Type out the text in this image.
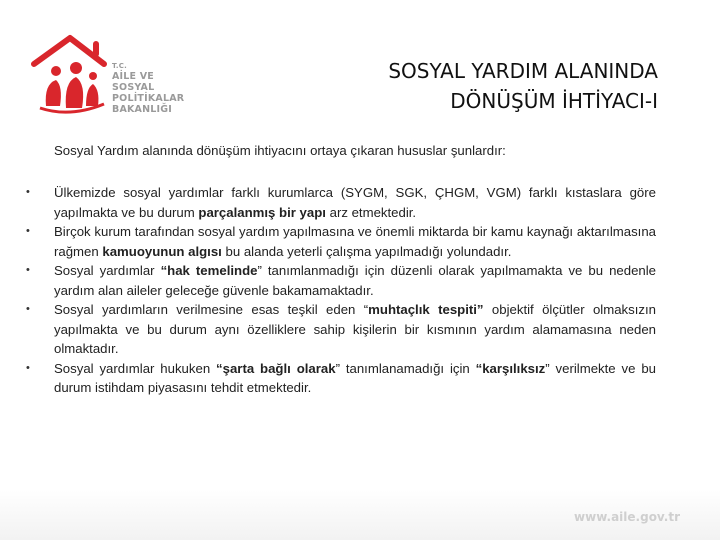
T.C.
AİLE VE
SOSYAL POLİTİKALAR
BAKANLIĞI
SOSYAL YARDIM ALANINDA
DÖNÜŞÜM İHTİYACI-I
Sosyal Yardım alanında dönüşüm ihtiyacını ortaya çıkaran hususlar şunlardır:
•	Ülkemizde sosyal yardımlar farklı kurumlarca (SYGM, SGK, ÇHGM, VGM) farklı kıstaslara göre yapılmakta ve bu durum parçalanmış bir yapı arz etmektedir.
•	Birçok kurum tarafından sosyal yardım yapılmasına ve önemli miktarda bir kamu kaynağı aktarılmasına rağmen kamuoyunun algısı bu alanda yeterli çalışma yapılmadığı yolundadır.
•	Sosyal yardımlar “hak temelinde” tanımlanmadığı için düzenli olarak yapılmamakta ve bu nedenle yardım alan aileler geleceğe güvenle bakamamaktadır.
•	Sosyal yardımların verilmesine esas teşkil eden “muhtaçlık tespiti” objektif ölçütler olmaksızın yapılmakta ve bu durum aynı özelliklere sahip kişilerin bir kısmının yardım alamamasına neden olmaktadır.
•	Sosyal yardımlar hukuken “şarta bağlı olarak” tanımlanamadığı için “karşılıksız” verilmekte ve bu durum istihdam piyasasını tehdit etmektedir.
www.aile.gov.tr
